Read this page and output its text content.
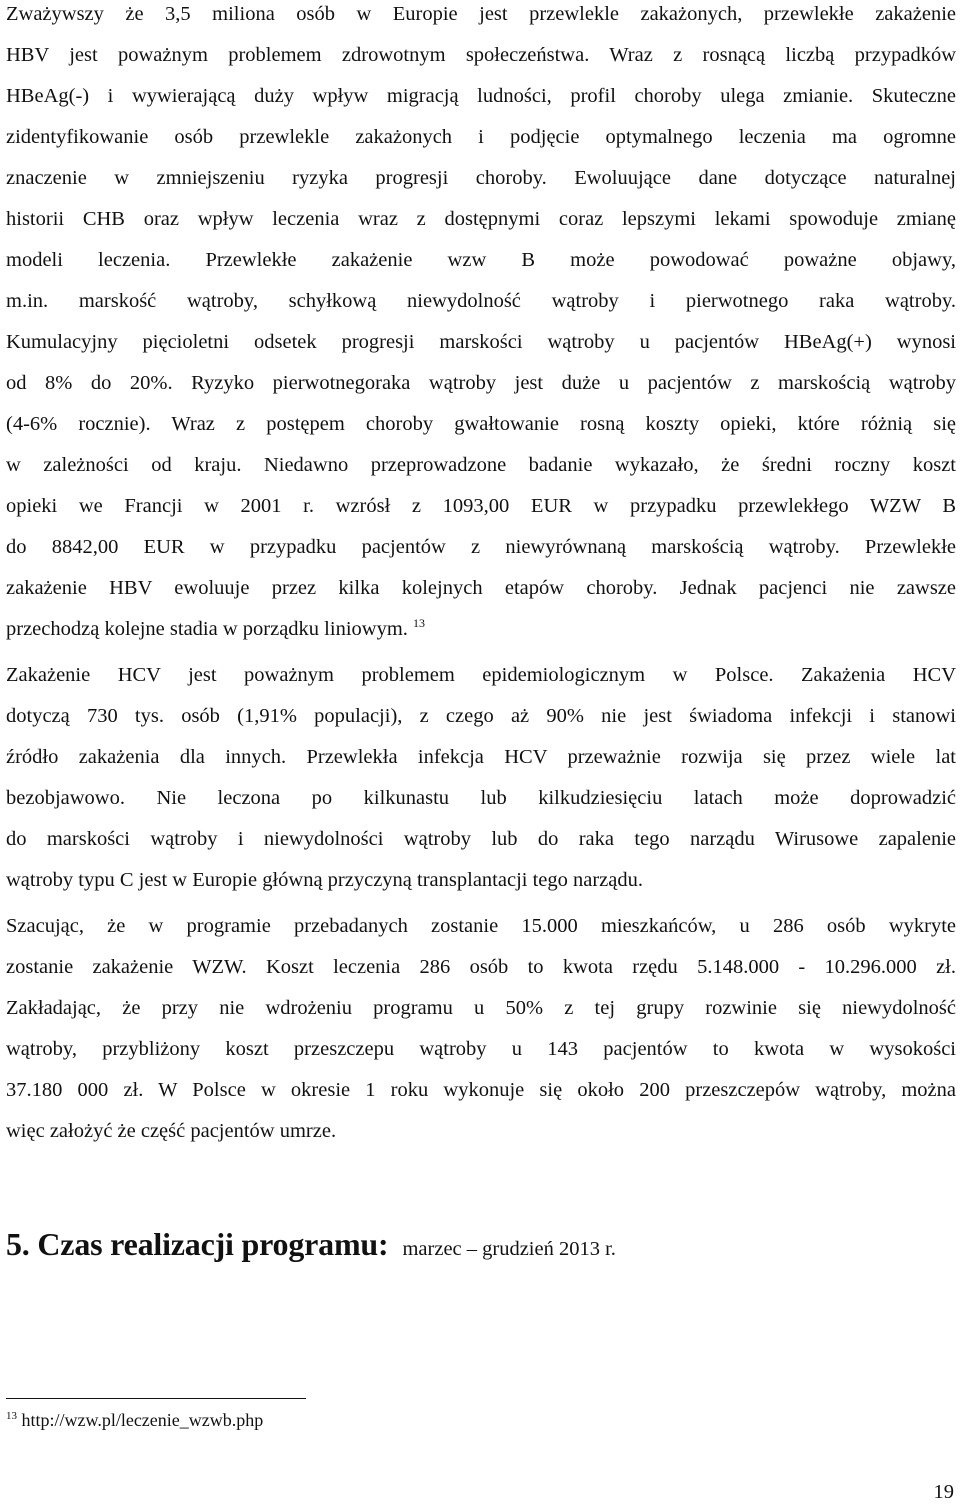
Zważywszy że 3,5 miliona osób w Europie jest przewlekle zakażonych, przewlekłe zakażenie
HBV jest poważnym problemem zdrowotnym społeczeństwa. Wraz z rosnącą liczbą przypadków
HBeAg(-) i wywierającą duży wpływ migracją ludności, profil choroby ulega zmianie. Skuteczne
zidentyfikowanie osób przewlekle zakażonych i podjęcie optymalnego leczenia ma ogromne
znaczenie w zmniejszeniu ryzyka progresji choroby. Ewoluujące dane dotyczące naturalnej
historii CHB oraz wpływ leczenia wraz z dostępnymi coraz lepszymi lekami spowoduje zmianę
modeli leczenia. Przewlekłe zakażenie wzw B może powodować poważne objawy,
m.in. marskość wątroby, schyłkową niewydolność wątroby i pierwotnego raka wątroby.
Kumulacyjny pięcioletni odsetek progresji marskości wątroby u pacjentów HBeAg(+) wynosi
od 8% do 20%. Ryzyko pierwotnegoraka wątroby jest duże u pacjentów z marskością wątroby
(4-6% rocznie). Wraz z postępem choroby gwałtowanie rosną koszty opieki, które różnią się
w zależności od kraju. Niedawno przeprowadzone badanie wykazało, że średni roczny koszt
opieki we Francji w 2001 r. wzrósł z 1093,00 EUR w przypadku przewlekłego WZW B
do 8842,00 EUR w przypadku pacjentów z niewyrównaną marskością wątroby. Przewlekłe
zakażenie HBV ewoluuje przez kilka kolejnych etapów choroby. Jednak pacjenci nie zawsze
przechodzą kolejne stadia w porządku liniowym. $^{13}$
Zakażenie HCV jest poważnym problemem epidemiologicznym w Polsce. Zakażenia HCV
dotyczą 730 tys. osób (1,91% populacji), z czego aż 90% nie jest świadoma infekcji i stanowi
źródło zakażenia dla innych. Przewlekła infekcja HCV przeważnie rozwija się przez wiele lat
bezobjawowo. Nie leczona po kilkunastu lub kilkudziesięciu latach może doprowadzić
do marskości wątroby i niewydolności wątroby lub do raka tego narządu Wirusowe zapalenie
wątroby typu C jest w Europie główną przyczyną transplantacji tego narządu.
Szacując, że w programie przebadanych zostanie 15.000 mieszkańców, u 286 osób wykryte
zostanie zakażenie WZW. Koszt leczenia 286 osób to kwota rzędu 5.148.000 - 10.296.000 zł.
Zakładając, że przy nie wdrożeniu programu u 50% z tej grupy rozwinie się niewydolność
wątroby, przybliżony koszt przeszczepu wątroby u 143 pacjentów to kwota w wysokości
37.180 000 zł. W Polsce w okresie 1 roku wykonuje się około 200 przeszczepów wątroby, można
więc założyć że część pacjentów umrze.
5. Czas realizacji programu: marzec – grudzień 2013 r.
$^{13}$ http://wzw.pl/leczenie_wzwb.php
19
